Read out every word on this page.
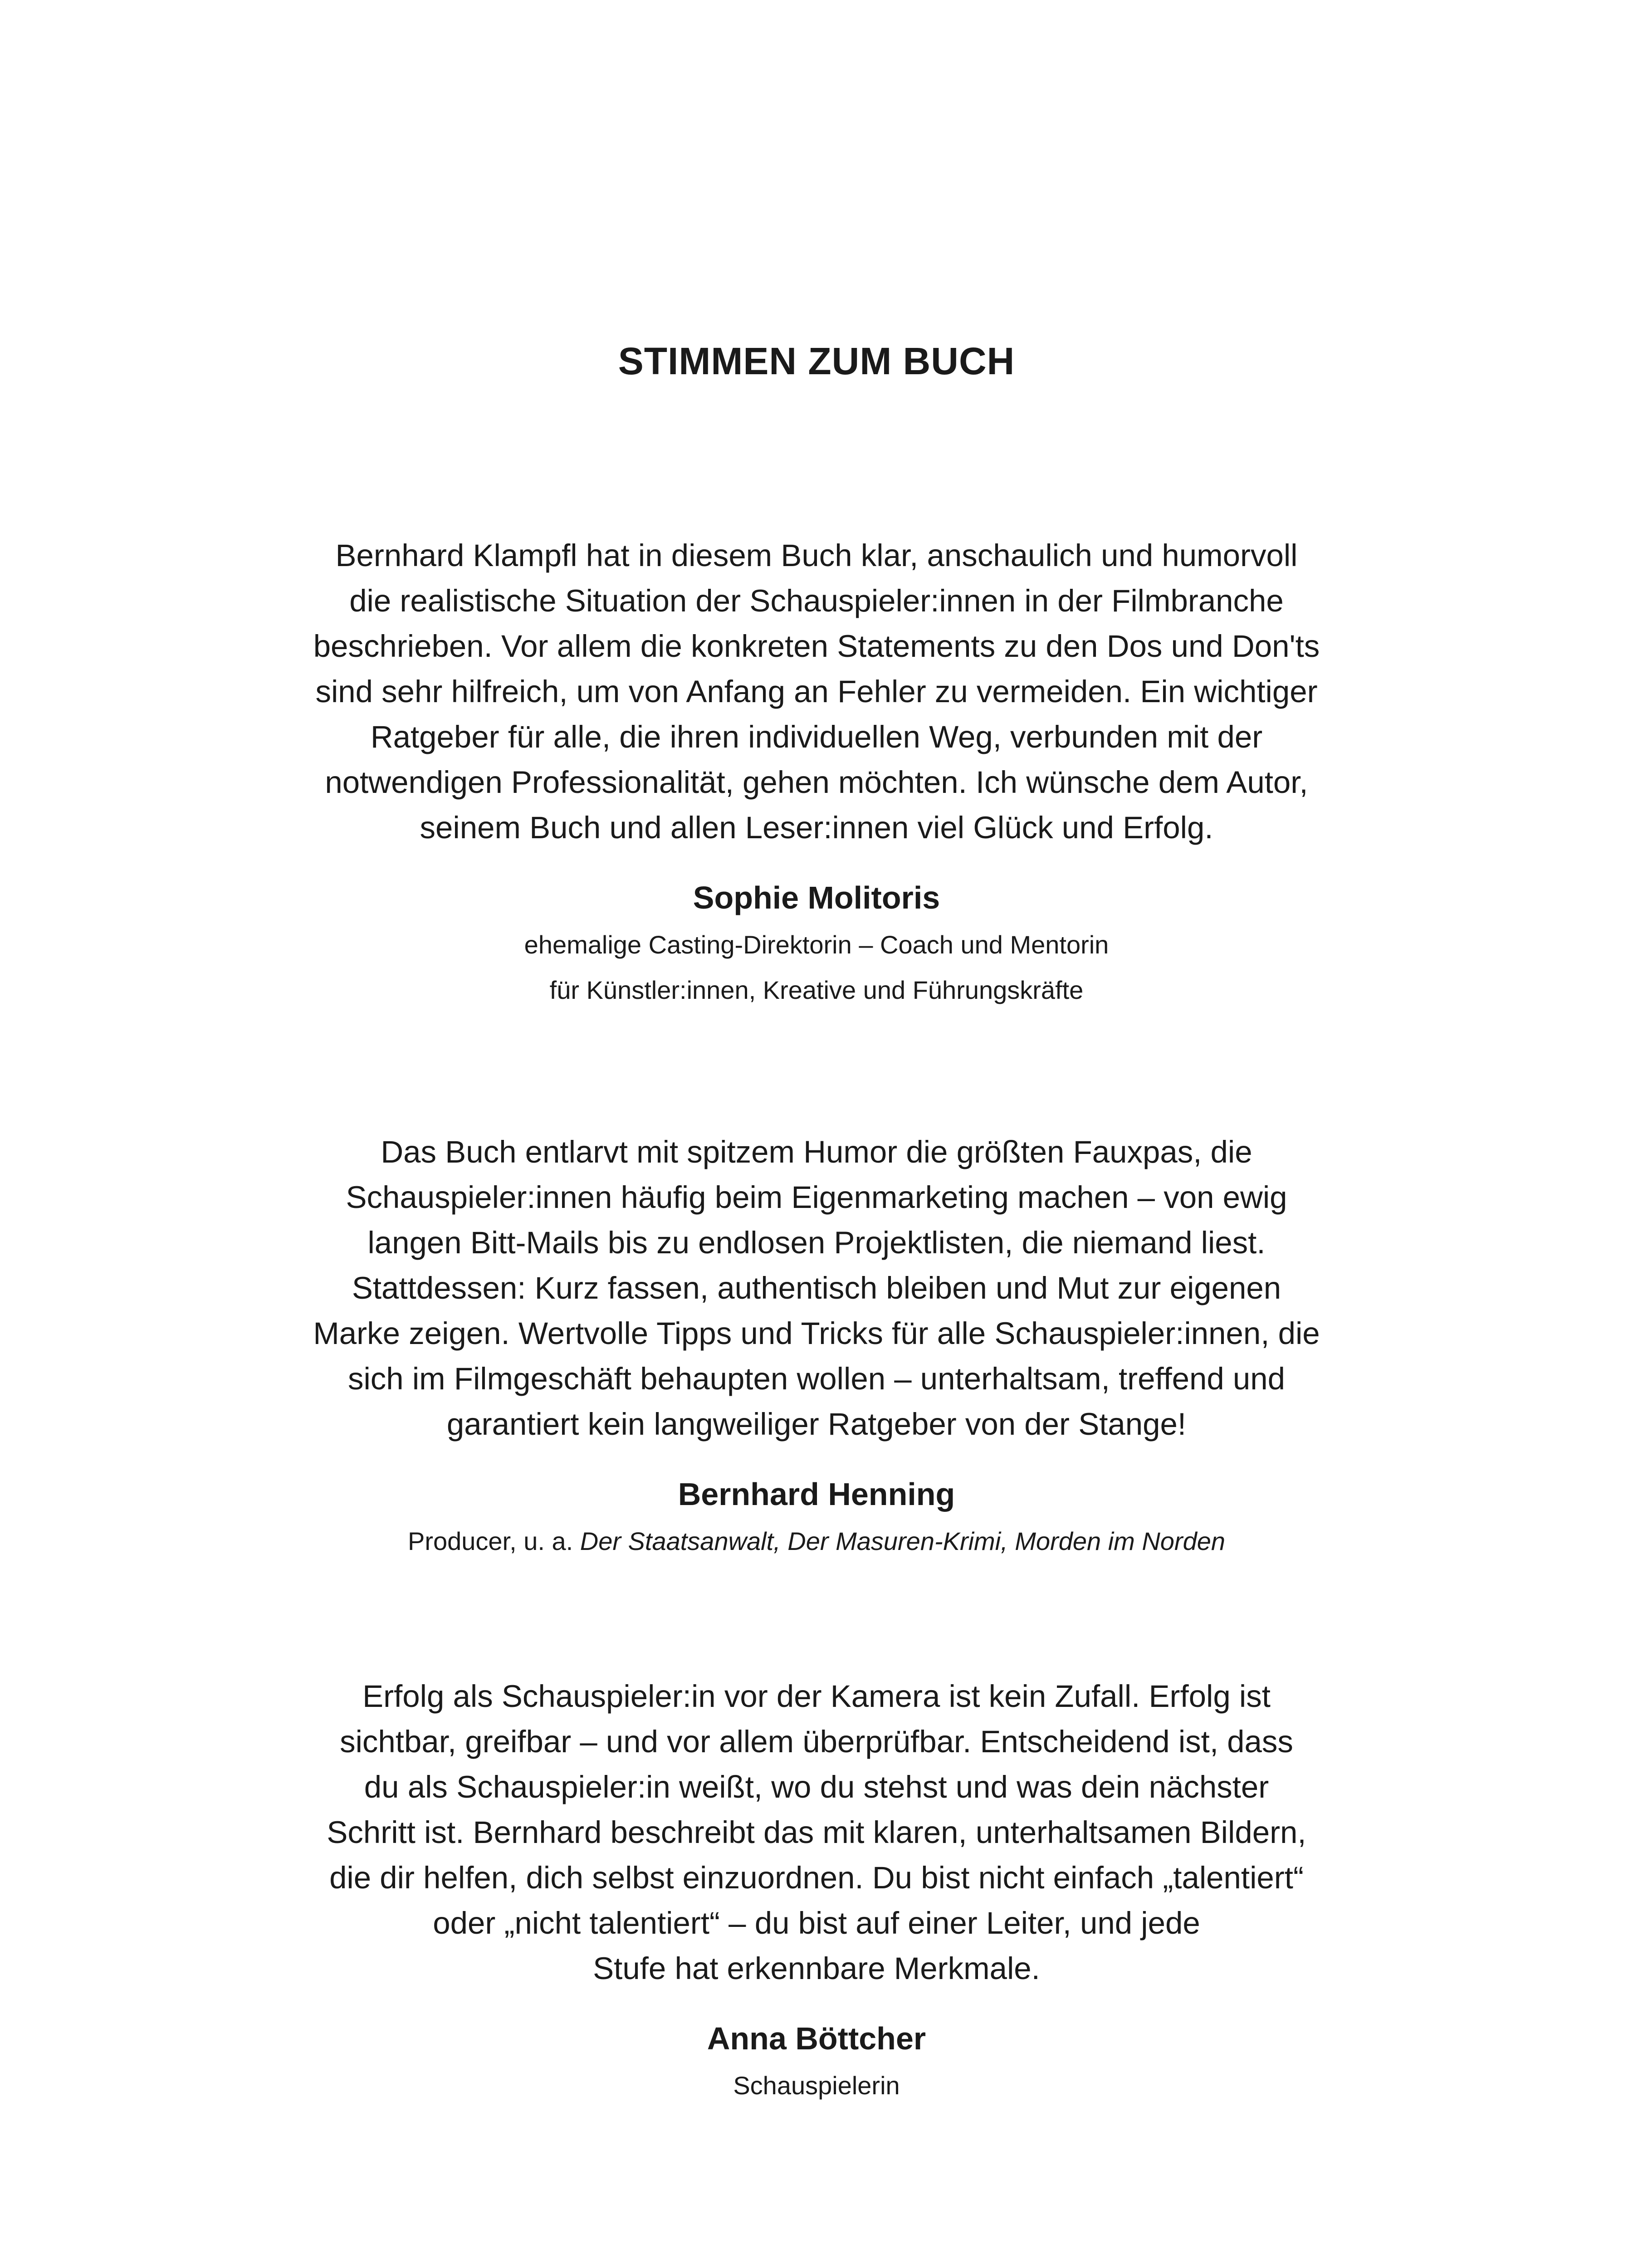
STIMMEN ZUM BUCH

Bernhard Klampfl hat in diesem Buch klar, anschaulich und humorvoll
die realistische Situation der Schauspieler:innen in der Filmbranche
beschrieben. Vor allem die konkreten Statements zu den Dos und Don'ts
sind sehr hilfreich, um von Anfang an Fehler zu vermeiden. Ein wichtiger
Ratgeber für alle, die ihren individuellen Weg, verbunden mit der
notwendigen Professionalität, gehen möchten. Ich wünsche dem Autor,
seinem Buch und allen Leser:innen viel Glück und Erfolg.

Sophie Molitoris
ehemalige Casting-Direktorin – Coach und Mentorin
für Künstler:innen, Kreative und Führungskräfte

Das Buch entlarvt mit spitzem Humor die größten Fauxpas, die
Schauspieler:innen häufig beim Eigenmarketing machen – von ewig
langen Bitt-Mails bis zu endlosen Projektlisten, die niemand liest.
Stattdessen: Kurz fassen, authentisch bleiben und Mut zur eigenen
Marke zeigen. Wertvolle Tipps und Tricks für alle Schauspieler:innen, die
sich im Filmgeschäft behaupten wollen – unterhaltsam, treffend und
garantiert kein langweiliger Ratgeber von der Stange!

Bernhard Henning
Producer, u. a. Der Staatsanwalt, Der Masuren-Krimi, Morden im Norden

Erfolg als Schauspieler:in vor der Kamera ist kein Zufall. Erfolg ist
sichtbar, greifbar – und vor allem überprüfbar. Entscheidend ist, dass
du als Schauspieler:in weißt, wo du stehst und was dein nächster
Schritt ist. Bernhard beschreibt das mit klaren, unterhaltsamen Bildern,
die dir helfen, dich selbst einzuordnen. Du bist nicht einfach „talentiert“
oder „nicht talentiert“ – du bist auf einer Leiter, und jede
Stufe hat erkennbare Merkmale.

Anna Böttcher
Schauspielerin
